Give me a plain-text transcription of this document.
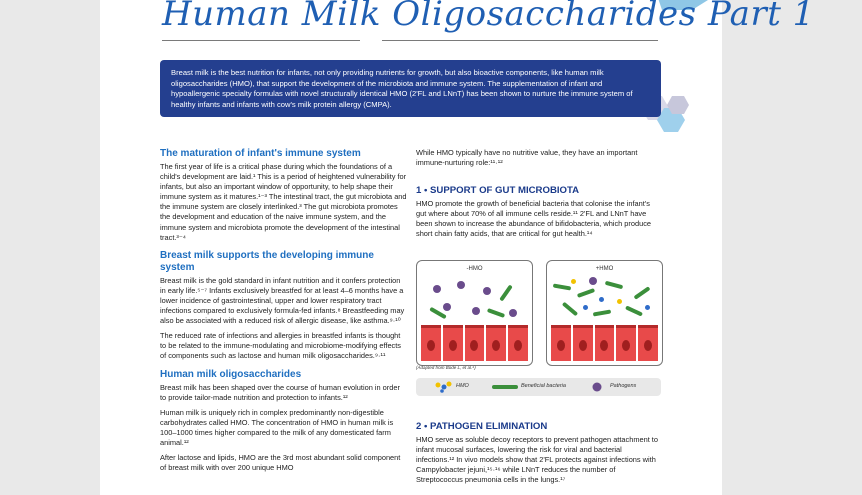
Human Milk Oligosaccharides Part 1
Breast milk is the best nutrition for infants, not only providing nutrients for growth, but also bioactive components, like human milk oligosaccharides (HMO), that support the development of the microbiota and immune system. The supplementation of infant and hypoallergenic specialty formulas with novel structurally identical HMO (2'FL and LNnT) has been shown to nurture the immune system of healthy infants and infants with cow's milk protein allergy (CMPA).
The maturation of infant's immune system

The first year of life is a critical phase during which the foundations of a child's development are laid.¹ This is a period of heightened vulnerability for infants, but also an important window of opportunity, to help shape their immune system as it matures.¹⁻³ The intestinal tract, the gut microbiota and the immune system are closely interlinked.³ The gut microbiota promotes the development and education of the naive immune system, and the immune system and microbiota promote the development of the intestinal tract.³⁻⁴

Breast milk supports the developing immune system

Breast milk is the gold standard in infant nutrition and it confers protection in early life.⁵⁻⁷ Infants exclusively breastfed for at least 4–6 months have a lower incidence of gastrointestinal, upper and lower respiratory tract infections compared to exclusively formula-fed infants.⁸ Breastfeeding may also be associated with a reduced risk of allergic disease, like asthma.⁹·¹⁰

The reduced rate of infections and allergies in breastfed infants is thought to be related to the immune-modulating and microbiome-modifying effects of components such as lactose and human milk oligosaccharides.⁹·¹¹

Human milk oligosaccharides

Breast milk has been shaped over the course of human evolution in order to provide tailor-made nutrition and protection to infants.¹²

Human milk is uniquely rich in complex predominantly non-digestible carbohydrates called HMO. The concentration of HMO in human milk is 100–1000 times higher compared to the milk of any domesticated farm animal.¹²

After lactose and lipids, HMO are the 3rd most abundant solid component of breast milk with over 200 unique HMO

While HMO typically have no nutritive value, they have an important immune-nurturing role:¹¹·¹²

1 • SUPPORT OF GUT MICROBIOTA

HMO promote the growth of beneficial bacteria that colonise the infant's gut where about 70% of all immune cells reside.¹¹ 2'FL and LNnT have been shown to increase the abundance of bifidobacteria, which produce short chain fatty acids, that are critical for gut health.¹⁴

-HMO	+HMO
(Adapted from Bode L, et al.⁴)
HMO	Beneficial bacteria	Pathogens
2 • PATHOGEN ELIMINATION

HMO serve as soluble decoy receptors to prevent pathogen attachment to infant mucosal surfaces, lowering the risk for viral and bacterial infections.¹² In vivo models show that 2'FL protects against infections with Campylobacter jejuni,¹⁵·¹⁶ while LNnT reduces the number of Streptococcus pneumonia cells in the lungs.¹⁷
